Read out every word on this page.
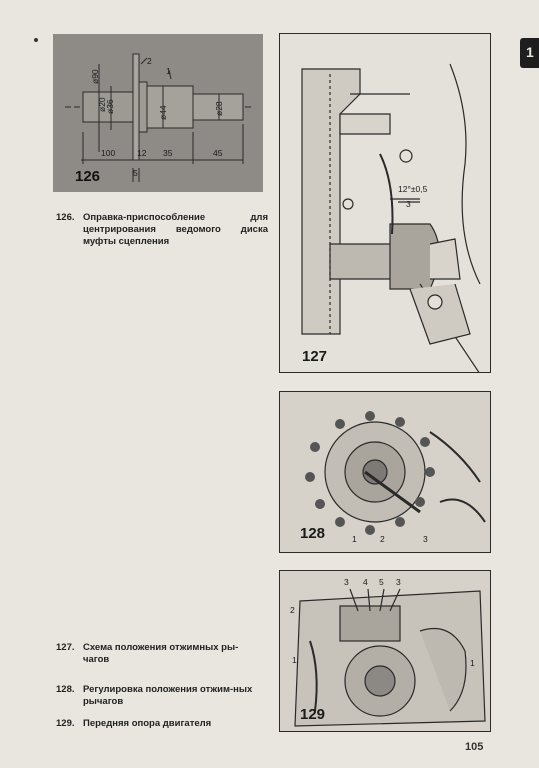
1
100	12 35	45
5
2
1
ø90
ø20
ø36	ø44	ø28
126
12°±0,5
3
127
1	2	3
128
3 4 5 3
2
1	1
129
126. Оправка-приспособление для центрирования ведомого диска муфты сцепления
127. Схема положения отжимных ры-чагов
128. Регулировка положения отжим-ных рычагов
129. Передняя опора двигателя
105
